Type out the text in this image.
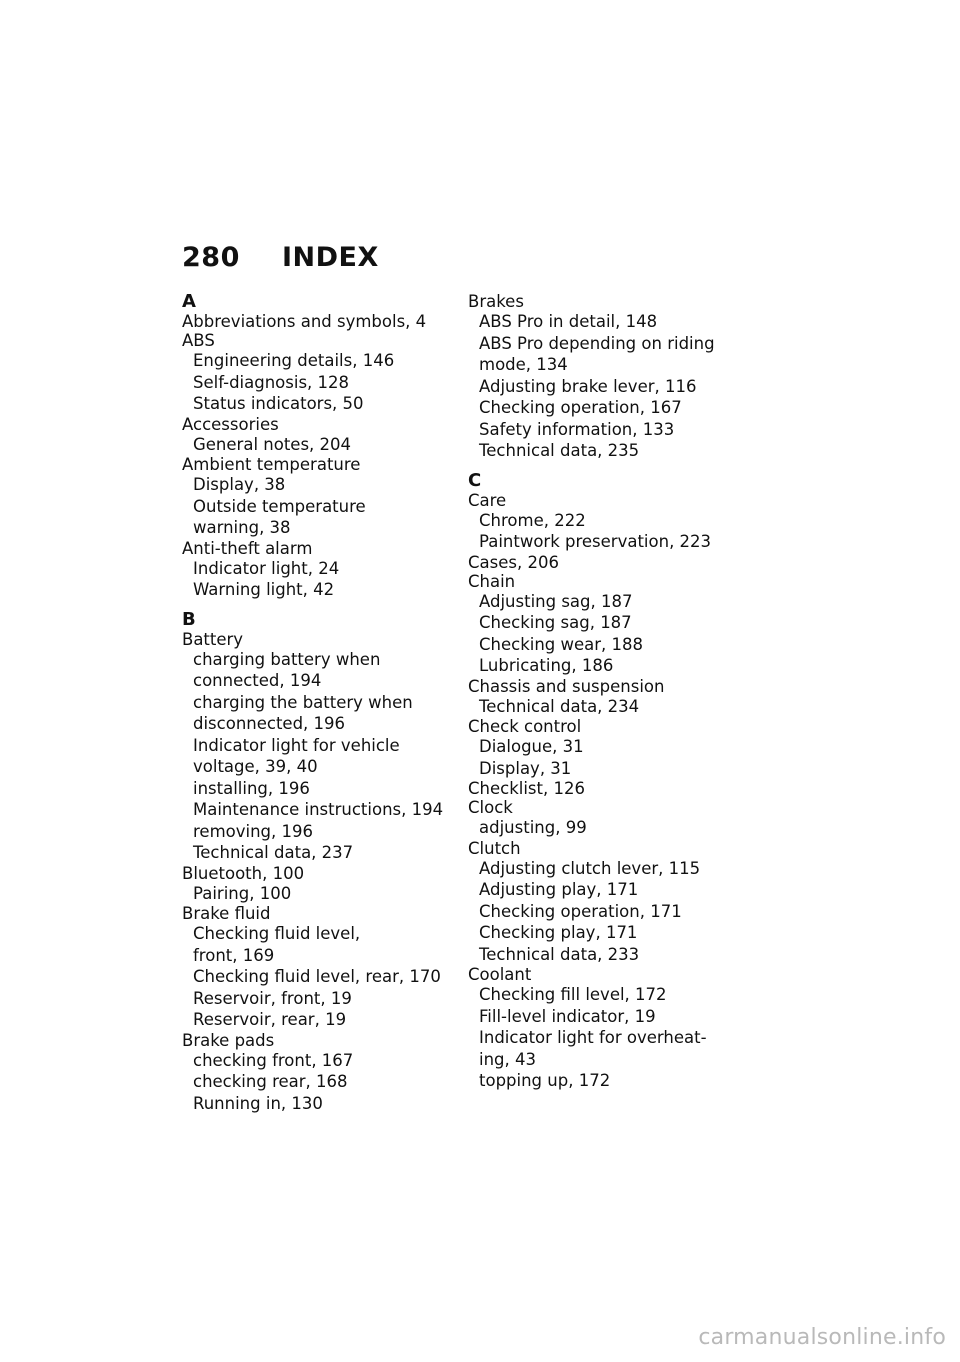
280	INDEX
A
Abbreviations and symbols, 4
ABS
Engineering details, 146
Self-diagnosis, 128
Status indicators, 50
Accessories
General notes, 204
Ambient temperature
Display, 38
Outside temperature
warning, 38
Anti-theft alarm
Indicator light, 24
Warning light, 42
B
Battery
charging battery when
connected, 194
charging the battery when
disconnected, 196
Indicator light for vehicle
voltage, 39, 40
installing, 196
Maintenance instructions, 194
removing, 196
Technical data, 237
Bluetooth, 100
Pairing, 100
Brake fluid
Checking fluid level,
front, 169
Checking fluid level, rear, 170
Reservoir, front, 19
Reservoir, rear, 19
Brake pads
checking front, 167
checking rear, 168
Running in, 130
Brakes
ABS Pro in detail, 148
ABS Pro depending on riding
mode, 134
Adjusting brake lever, 116
Checking operation, 167
Safety information, 133
Technical data, 235
C
Care
Chrome, 222
Paintwork preservation, 223
Cases, 206
Chain
Adjusting sag, 187
Checking sag, 187
Checking wear, 188
Lubricating, 186
Chassis and suspension
Technical data, 234
Check control
Dialogue, 31
Display, 31
Checklist, 126
Clock
adjusting, 99
Clutch
Adjusting clutch lever, 115
Adjusting play, 171
Checking operation, 171
Checking play, 171
Technical data, 233
Coolant
Checking fill level, 172
Fill-level indicator, 19
Indicator light for overheat-
ing, 43
topping up, 172
carmanualsonline.info
